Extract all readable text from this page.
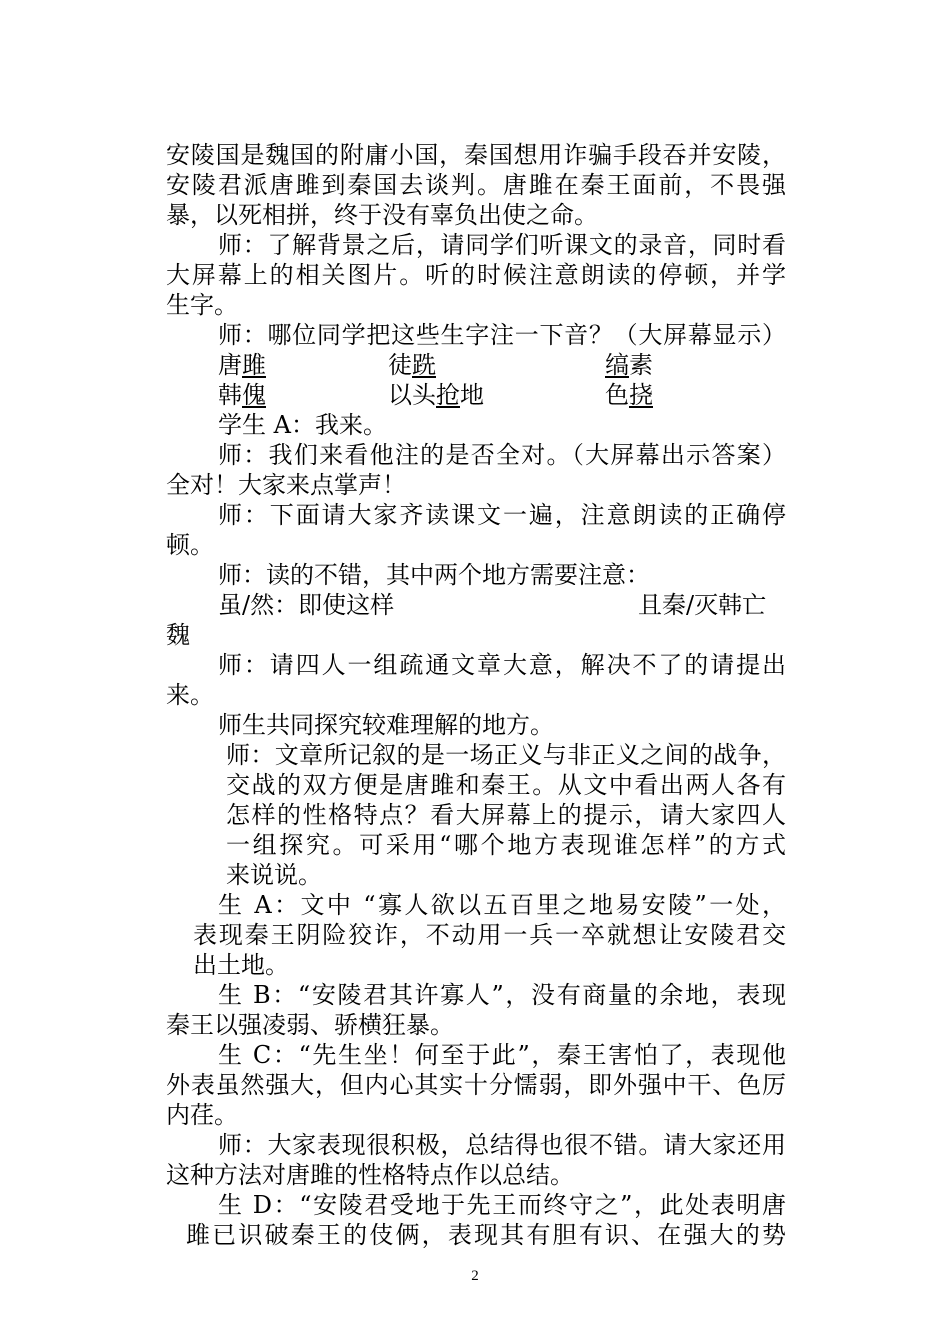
安陵国是魏国的附庸小国，秦国想用诈骗手段吞并安陵，
安陵君派唐雎到秦国去谈判。唐雎在秦王面前，不畏强
暴，以死相拼，终于没有辜负出使之命。
师：了解背景之后，请同学们听课文的录音，同时看
大屏幕上的相关图片。听的时候注意朗读的停顿，并学
生字。
师：哪位同学把这些生字注一下音？（大屏幕显示）
唐雎	徒跣	缟素
韩傀	以头抢地	色挠
学生 A：我来。
师：我们来看他注的是否全对。（大屏幕出示答案）
全对！大家来点掌声！
师：下面请大家齐读课文一遍，注意朗读的正确停
顿。
师：读的不错，其中两个地方需要注意：
虽/然：即使这样	且秦/灭韩亡
魏
师：请四人一组疏通文章大意，解决不了的请提出
来。
师生共同探究较难理解的地方。
师：文章所记叙的是一场正义与非正义之间的战争，
交战的双方便是唐雎和秦王。从文中看出两人各有
怎样的性格特点？看大屏幕上的提示，请大家四人
一组探究。可采用“哪个地方表现谁怎样”的方式
来说说。
生 A：文中 “寡人欲以五百里之地易安陵”一处，
表现秦王阴险狡诈，不动用一兵一卒就想让安陵君交
出土地。
生 B：“安陵君其许寡人”，没有商量的余地，表现
秦王以强凌弱、骄横狂暴。
生 C：“先生坐！何至于此”，秦王害怕了，表现他
外表虽然强大，但内心其实十分懦弱，即外强中干、色厉
内荏。
师：大家表现很积极，总结得也很不错。请大家还用
这种方法对唐雎的性格特点作以总结。
生 D：“安陵君受地于先王而终守之”，此处表明唐
雎已识破秦王的伎俩，表现其有胆有识、在强大的势
2
